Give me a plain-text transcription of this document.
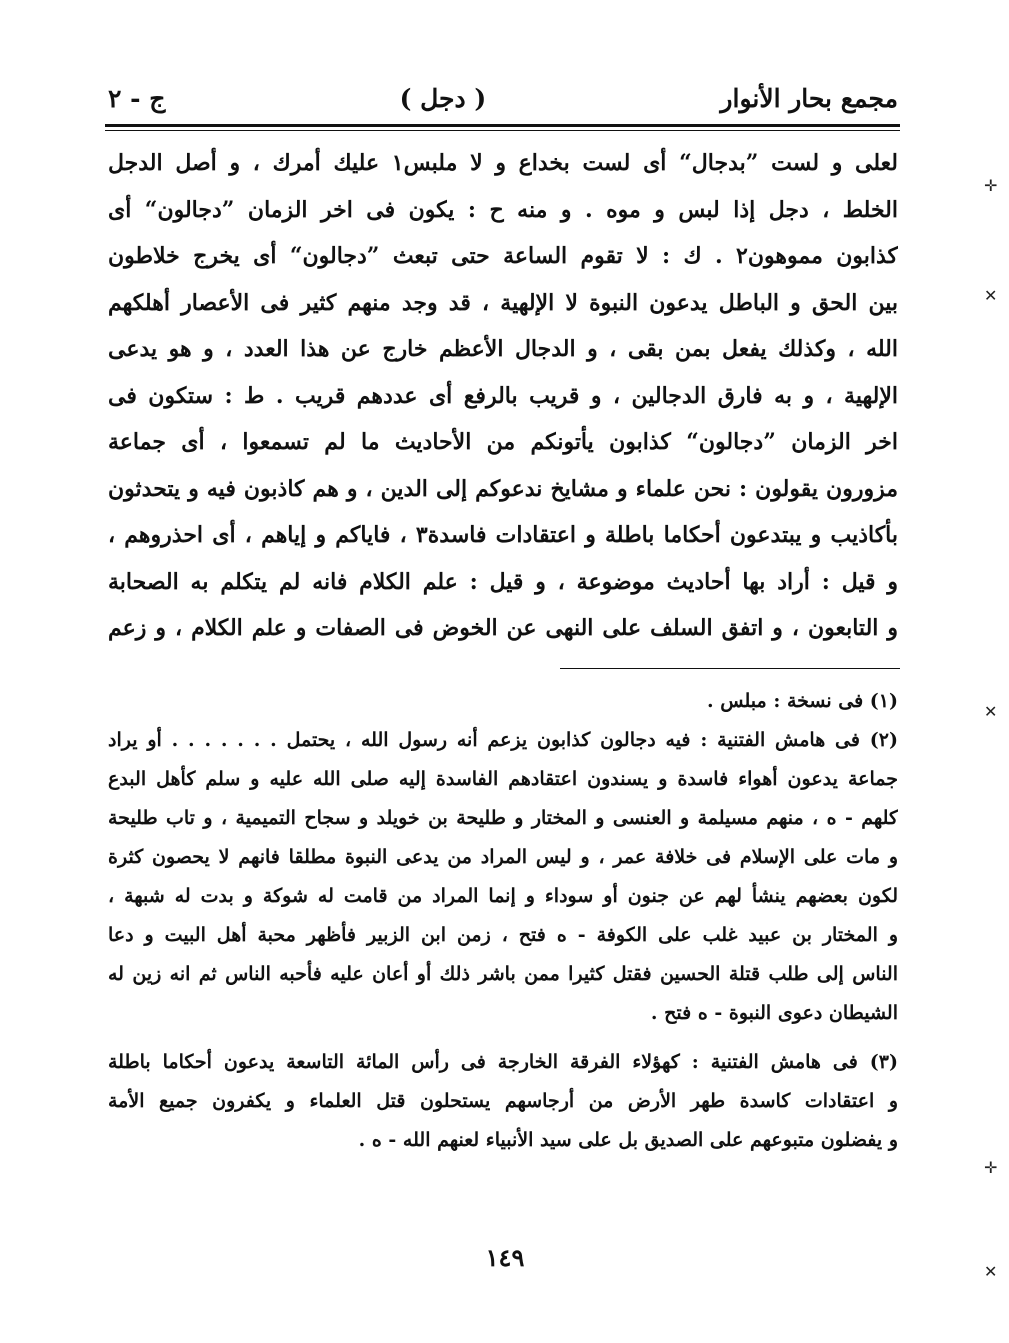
مجمع بحار الأنوار
( دجل )
ج - ٢
لعلى و لست ”بدجال“ أى لست بخداع و لا ملبس١ عليك أمرك ، و أصل الدجل
الخلط ، دجل إذا لبس و موه . و منه ح : يكون فى اخر الزمان ”دجالون“ أى
كذابون مموهون٢ . ك : لا تقوم الساعة حتى تبعث ”دجالون“ أى يخرج خلاطون
بين الحق و الباطل يدعون النبوة لا الإلهية ، قد وجد منهم كثير فى الأعصار أهلكهم
الله ، وكذلك يفعل بمن بقى ، و الدجال الأعظم خارج عن هذا العدد ، و هو يدعى
الإلهية ، و به فارق الدجالين ، و قريب بالرفع أى عددهم قريب . ط : ستكون فى
اخر الزمان ”دجالون“ كذابون يأتونكم من الأحاديث ما لم تسمعوا ، أى جماعة
مزورون يقولون : نحن علماء و مشايخ ندعوكم إلى الدين ، و هم كاذبون فيه و يتحدثون
بأكاذيب و يبتدعون أحكاما باطلة و اعتقادات فاسدة٣ ، فاياكم و إياهم ، أى احذروهم ،
و قيل : أراد بها أحاديث موضوعة ، و قيل : علم الكلام فانه لم يتكلم به الصحابة
و التابعون ، و اتفق السلف على النهى عن الخوض فى الصفات و علم الكلام ، و زعم
(١) فى نسخة : مبلس .
(٢) فى هامش الفتنية : فيه دجالون كذابون يزعم أنه رسول الله ، يحتمل . . . . . . . أو يراد
جماعة يدعون أهواء فاسدة و يسندون اعتقادهم الفاسدة إليه صلى الله عليه و سلم كأهل البدع
كلهم - ه ، منهم مسيلمة و العنسى و المختار و طليحة بن خويلد و سجاح التميمية ، و تاب طليحة
و مات على الإسلام فى خلافة عمر ، و ليس المراد من يدعى النبوة مطلقا فانهم لا يحصون كثرة
لكون بعضهم ينشأ لهم عن جنون أو سوداء و إنما المراد من قامت له شوكة و بدت له شبهة ،
و المختار بن عبيد غلب على الكوفة - ه فتح ، زمن ابن الزبير فأظهر محبة أهل البيت و دعا
الناس إلى طلب قتلة الحسين فقتل كثيرا ممن باشر ذلك أو أعان عليه فأحبه الناس ثم انه زين له
الشيطان دعوى النبوة - ه فتح .
(٣) فى هامش الفتنية : كهؤلاء الفرقة الخارجة فى رأس المائة التاسعة يدعون أحكاما باطلة
و اعتقادات كاسدة طهر الأرض من أرجاسهم يستحلون قتل العلماء و يكفرون جميع الأمة
و يفضلون متبوعهم على الصديق بل على سيد الأنبياء لعنهم الله - ه .
١٤٩
✛
✕
✕
✛
✕
